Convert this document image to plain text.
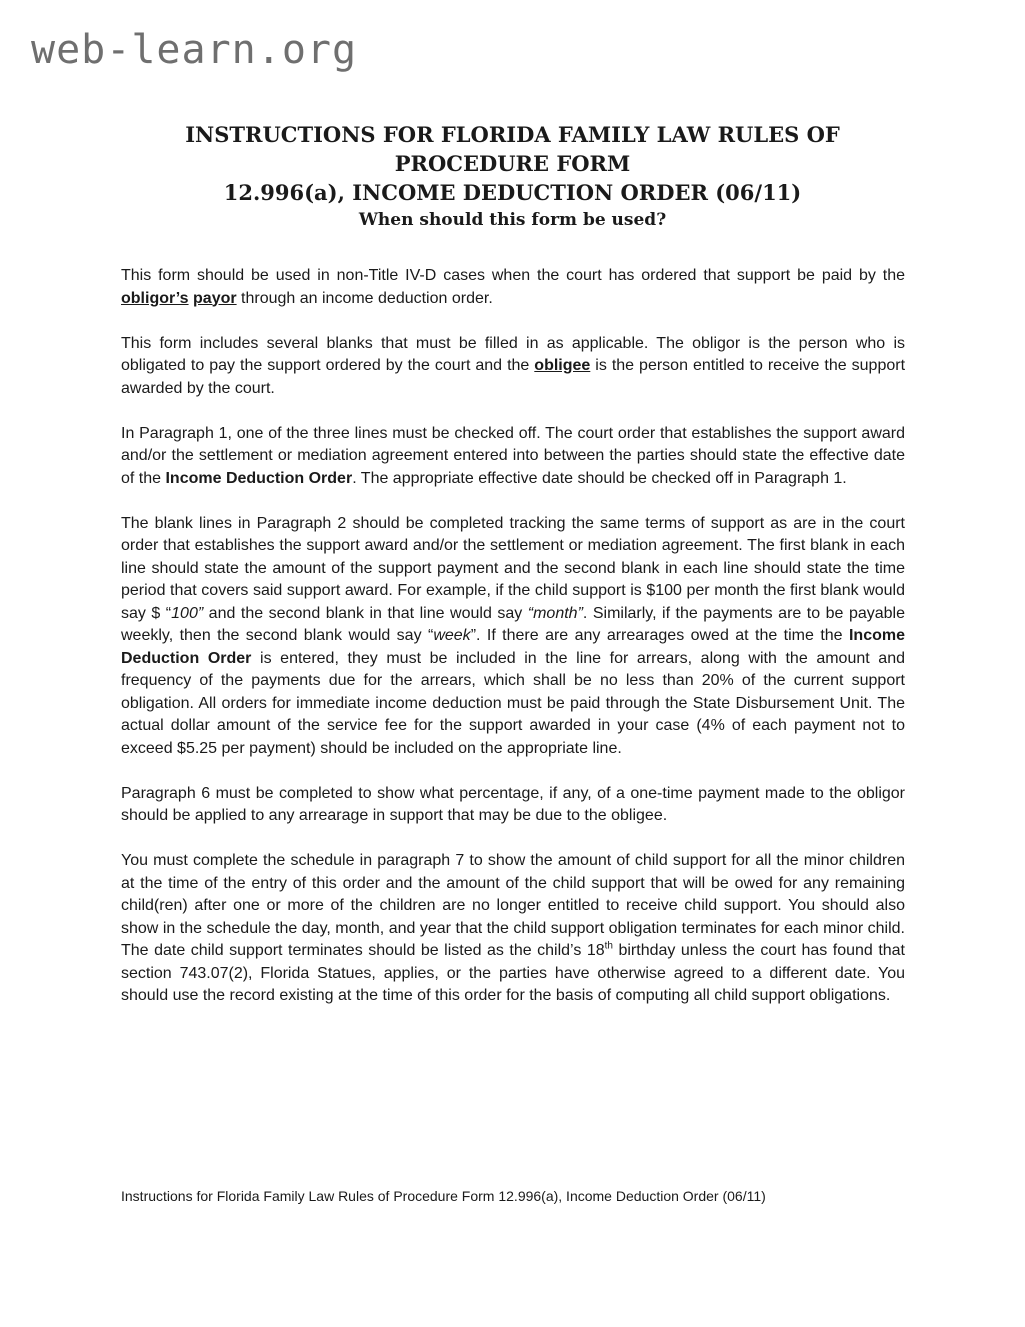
web-learn.org
INSTRUCTIONS FOR FLORIDA FAMILY LAW RULES OF PROCEDURE FORM
12.996(a), INCOME DEDUCTION ORDER (06/11)
When should this form be used?

This form should be used in non-Title IV-D cases when the court has ordered that support be paid by the obligor’s payor through an income deduction order.

This form includes several blanks that must be filled in as applicable. The obligor is the person who is obligated to pay the support ordered by the court and the obligee is the person entitled to receive the support awarded by the court.

In Paragraph 1, one of the three lines must be checked off. The court order that establishes the support award and/or the settlement or mediation agreement entered into between the parties should state the effective date of the Income Deduction Order. The appropriate effective date should be checked off in Paragraph 1.

The blank lines in Paragraph 2 should be completed tracking the same terms of support as are in the court order that establishes the support award and/or the settlement or mediation agreement. The first blank in each line should state the amount of the support payment and the second blank in each line should state the time period that covers said support award. For example, if the child support is $100 per month the first blank would say $ “100” and the second blank in that line would say “month”. Similarly, if the payments are to be payable weekly, then the second blank would say “week”. If there are any arrearages owed at the time the Income Deduction Order is entered, they must be included in the line for arrears, along with the amount and frequency of the payments due for the arrears, which shall be no less than 20% of the current support obligation. All orders for immediate income deduction must be paid through the State Disbursement Unit. The actual dollar amount of the service fee for the support awarded in your case (4% of each payment not to exceed $5.25 per payment) should be included on the appropriate line.

Paragraph 6 must be completed to show what percentage, if any, of a one-time payment made to the obligor should be applied to any arrearage in support that may be due to the obligee.

You must complete the schedule in paragraph 7 to show the amount of child support for all the minor children at the time of the entry of this order and the amount of the child support that will be owed for any remaining child(ren) after one or more of the children are no longer entitled to receive child support. You should also show in the schedule the day, month, and year that the child support obligation terminates for each minor child. The date child support terminates should be listed as the child’s 18th birthday unless the court has found that section 743.07(2), Florida Statues, applies, or the parties have otherwise agreed to a different date. You should use the record existing at the time of this order for the basis of computing all child support obligations.

Instructions for Florida Family Law Rules of Procedure Form 12.996(a), Income Deduction Order (06/11)
